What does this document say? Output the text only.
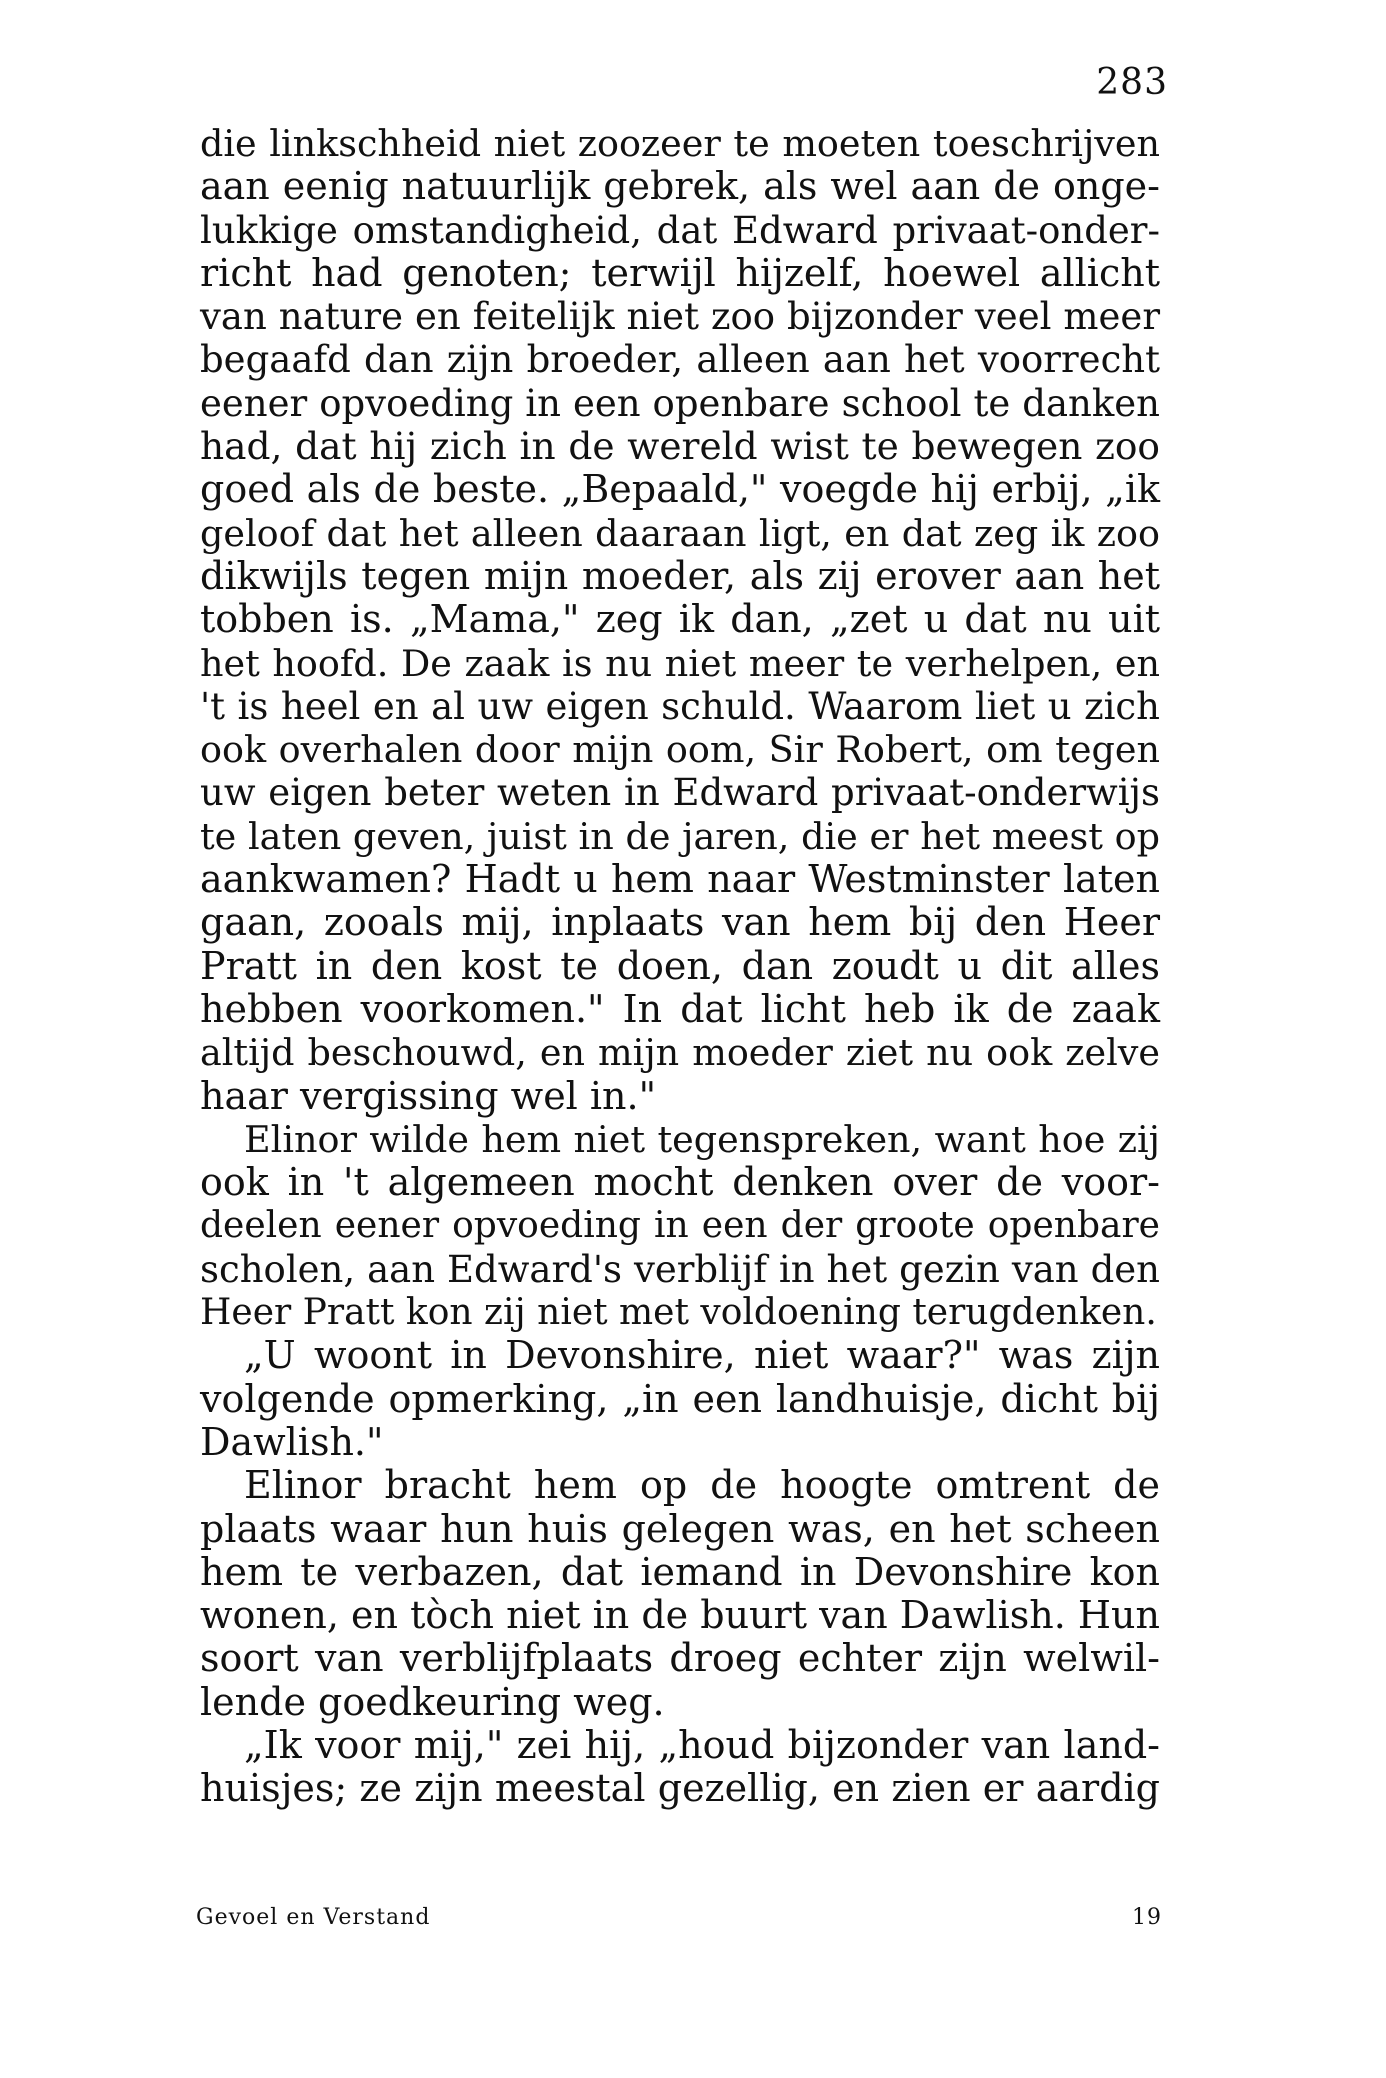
283
die linkschheid niet zoozeer te moeten toeschrijven
aan eenig natuurlijk gebrek, als wel aan de onge-
lukkige omstandigheid, dat Edward privaat-onder-
richt had genoten; terwijl hijzelf, hoewel allicht
van nature en feitelijk niet zoo bijzonder veel meer
begaafd dan zijn broeder, alleen aan het voorrecht
eener opvoeding in een openbare school te danken
had, dat hij zich in de wereld wist te bewegen zoo
goed als de beste. „Bepaald," voegde hij erbij, „ik
geloof dat het alleen daaraan ligt, en dat zeg ik zoo
dikwijls tegen mijn moeder, als zij erover aan het
tobben is. „Mama," zeg ik dan, „zet u dat nu uit
het hoofd. De zaak is nu niet meer te verhelpen, en
't is heel en al uw eigen schuld. Waarom liet u zich
ook overhalen door mijn oom, Sir Robert, om tegen
uw eigen beter weten in Edward privaat-onderwijs
te laten geven, juist in de jaren, die er het meest op
aankwamen? Hadt u hem naar Westminster laten
gaan, zooals mij, inplaats van hem bij den Heer
Pratt in den kost te doen, dan zoudt u dit alles
hebben voorkomen." In dat licht heb ik de zaak
altijd beschouwd, en mijn moeder ziet nu ook zelve
haar vergissing wel in."
Elinor wilde hem niet tegenspreken, want hoe zij
ook in 't algemeen mocht denken over de voor-
deelen eener opvoeding in een der groote openbare
scholen, aan Edward's verblijf in het gezin van den
Heer Pratt kon zij niet met voldoening terugdenken.
„U woont in Devonshire, niet waar?" was zijn
volgende opmerking, „in een landhuisje, dicht bij
Dawlish."
Elinor bracht hem op de hoogte omtrent de
plaats waar hun huis gelegen was, en het scheen
hem te verbazen, dat iemand in Devonshire kon
wonen, en tòch niet in de buurt van Dawlish. Hun
soort van verblijfplaats droeg echter zijn welwil-
lende goedkeuring weg.
„Ik voor mij," zei hij, „houd bijzonder van land-
huisjes; ze zijn meestal gezellig, en zien er aardig
Gevoel en Verstand	19
